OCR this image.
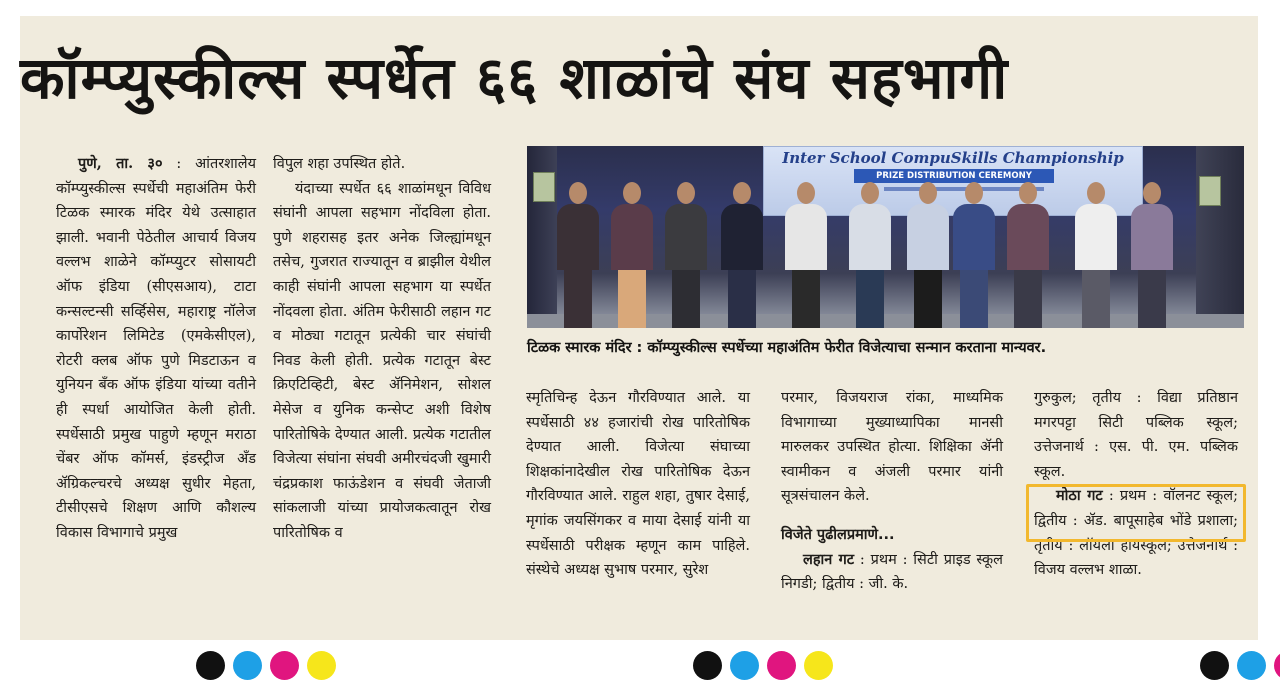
कॉम्प्युस्कील्स स्पर्धेत ६६ शाळांचे संघ सहभागी

पुणे, ता. ३० : आंतरशालेय कॉम्प्युस्कील्स स्पर्धेची महाअंतिम फेरी टिळक स्मारक मंदिर येथे उत्साहात झाली. भवानी पेठेतील आचार्य विजय वल्लभ शाळेने कॉम्प्युटर सोसायटी ऑफ इंडिया (सीएसआय), टाटा कन्सल्टन्सी सर्व्हिसेस, महाराष्ट्र नॉलेज कार्पोरेशन लिमिटेड (एमकेसीएल), रोटरी क्लब ऑफ पुणे मिडटाऊन व युनियन बँक ऑफ इंडिया यांच्या वतीने ही स्पर्धा आयोजित केली होती. स्पर्धेसाठी प्रमुख पाहुणे म्हणून मराठा चेंबर ऑफ कॉमर्स, इंडस्ट्रीज अँड ॲग्रिकल्चरचे अध्यक्ष सुधीर मेहता, टीसीएसचे शिक्षण आणि कौशल्य विकास विभागाचे प्रमुख

विपुल शहा उपस्थित होते.

यंदाच्या स्पर्धेत ६६ शाळांमधून विविध संघांनी आपला सहभाग नोंदविला होता. पुणे शहरासह इतर अनेक जिल्ह्यांमधून तसेच, गुजरात राज्यातून व ब्राझील येथील काही संघांनी आपला सहभाग या स्पर्धेत नोंदवला होता. अंतिम फेरीसाठी लहान गट व मोठ्या गटातून प्रत्येकी चार संघांची निवड केली होती. प्रत्येक गटातून बेस्ट क्रिएटिव्हिटी, बेस्ट ॲनिमेशन, सोशल मेसेज व युनिक कन्सेप्ट अशी विशेष पारितोषिके देण्यात आली. प्रत्येक गटातील विजेत्या संघांना संघवी अमीरचंदजी खुमारी चंद्रप्रकाश फाऊंडेशन व संघवी जेताजी सांकलाजी यांच्या प्रायोजकत्वातून रोख पारितोषिक व

Inter School CompuSkills Championship
PRIZE DISTRIBUTION CEREMONY
टिळक स्मारक मंदिर : कॉम्प्युस्कील्स स्पर्धेच्या महाअंतिम फेरीत विजेत्याचा सन्मान करताना मान्यवर.

स्मृतिचिन्ह देऊन गौरविण्यात आले. या स्पर्धेसाठी ४४ हजारांची रोख पारितोषिक देण्यात आली. विजेत्या संघाच्या शिक्षकांनादेखील रोख पारितोषिक देऊन गौरविण्यात आले. राहुल शहा, तुषार देसाई, मृगांक जयसिंगकर व माया देसाई यांनी या स्पर्धेसाठी परीक्षक म्हणून काम पाहिले. संस्थेचे अध्यक्ष सुभाष परमार, सुरेश

परमार, विजयराज रांका, माध्यमिक विभागाच्या मुख्याध्यापिका मानसी मारुलकर उपस्थित होत्या. शिक्षिका ॲनी स्वामीकन व अंजली परमार यांनी सूत्रसंचालन केले.

विजेते पुढीलप्रमाणे...

लहान गट : प्रथम : सिटी प्राइड स्कूल निगडी; द्वितीय : जी. के.

गुरुकुल; तृतीय : विद्या प्रतिष्ठान मगरपट्टा सिटी पब्लिक स्कूल; उत्तेजनार्थ : एस. पी. एम. पब्लिक स्कूल.

मोठा गट : प्रथम : वॉलनट स्कूल; द्वितीय : ॲड. बापूसाहेब भोंडे प्रशाला; तृतीय : लॉयला हायस्कूल; उत्तेजनार्थ : विजय वल्लभ शाळा.
